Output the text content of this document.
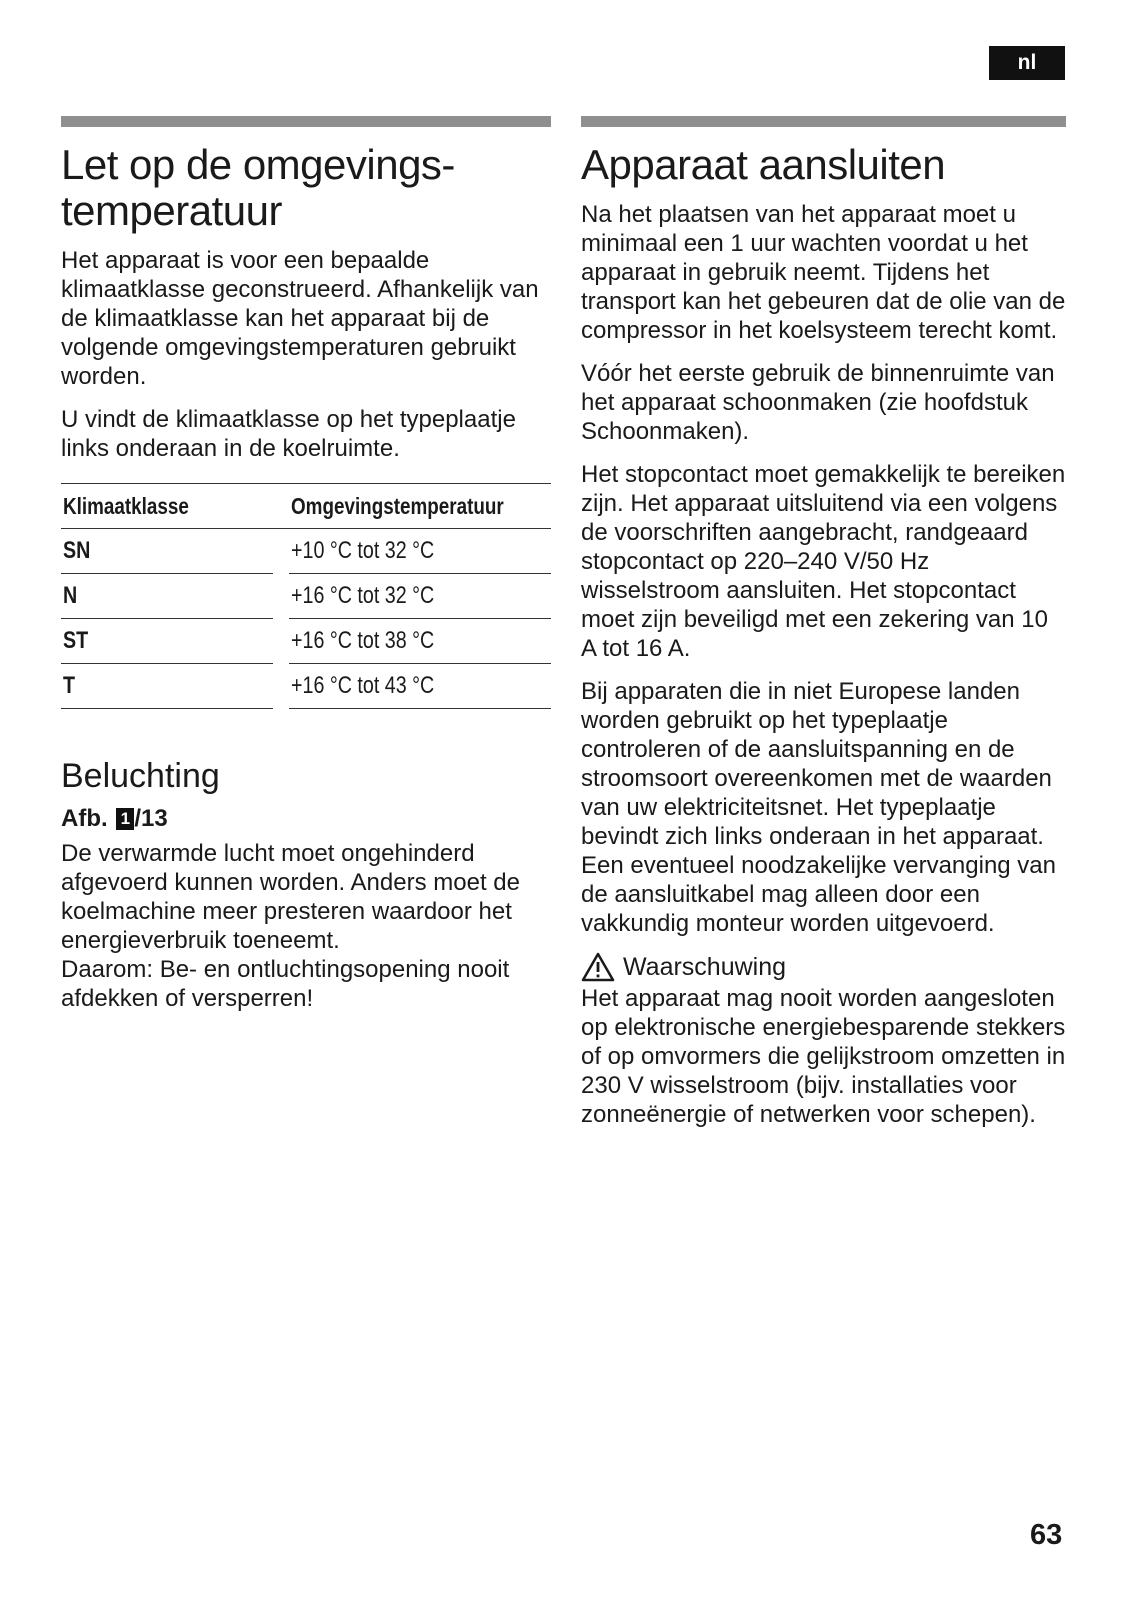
nl
Let op de omgevings-
temperatuur

Het apparaat is voor een bepaalde klimaatklasse geconstrueerd. Afhankelijk van de klimaatklasse kan het apparaat bij de volgende omgevingstemperaturen gebruikt worden.

U vindt de klimaatklasse op het typeplaatje links onderaan in de koelruimte.

Klimaatklasse		Omgevingstemperatuur
SN		+10 °C tot 32 °C
N		+16 °C tot 32 °C
ST		+16 °C tot 38 °C
T		+16 °C tot 43 °C
Beluchting
Afb. 1 /13

De verwarmde lucht moet ongehinderd afgevoerd kunnen worden. Anders moet de koelmachine meer presteren waardoor het energieverbruik toeneemt.

Daarom: Be- en ontluchtingsopening nooit afdekken of versperren!

Apparaat aansluiten

Na het plaatsen van het apparaat moet u minimaal een 1 uur wachten voordat u het apparaat in gebruik neemt. Tijdens het transport kan het gebeuren dat de olie van de compressor in het koelsysteem terecht komt.

Vóór het eerste gebruik de binnenruimte van het apparaat schoonmaken (zie hoofdstuk Schoonmaken).

Het stopcontact moet gemakkelijk te bereiken zijn. Het apparaat uitsluitend via een volgens de voorschriften aangebracht, randgeaard stopcontact op 220–240 V/50 Hz wisselstroom aansluiten. Het stopcontact moet zijn beveiligd met een zekering van 10 A tot 16 A.

Bij apparaten die in niet Europese landen worden gebruikt op het typeplaatje controleren of de aansluitspanning en de stroomsoort overeenkomen met de waarden van uw elektriciteitsnet. Het typeplaatje bevindt zich links onderaan in het apparaat. Een eventueel noodzakelijke vervanging van de aansluitkabel mag alleen door een vakkundig monteur worden uitgevoerd.

Waarschuwing

Het apparaat mag nooit worden aangesloten op elektronische energiebesparende stekkers of op omvormers die gelijkstroom omzetten in 230 V wisselstroom (bijv. installaties voor zonneënergie of netwerken voor schepen).

63
